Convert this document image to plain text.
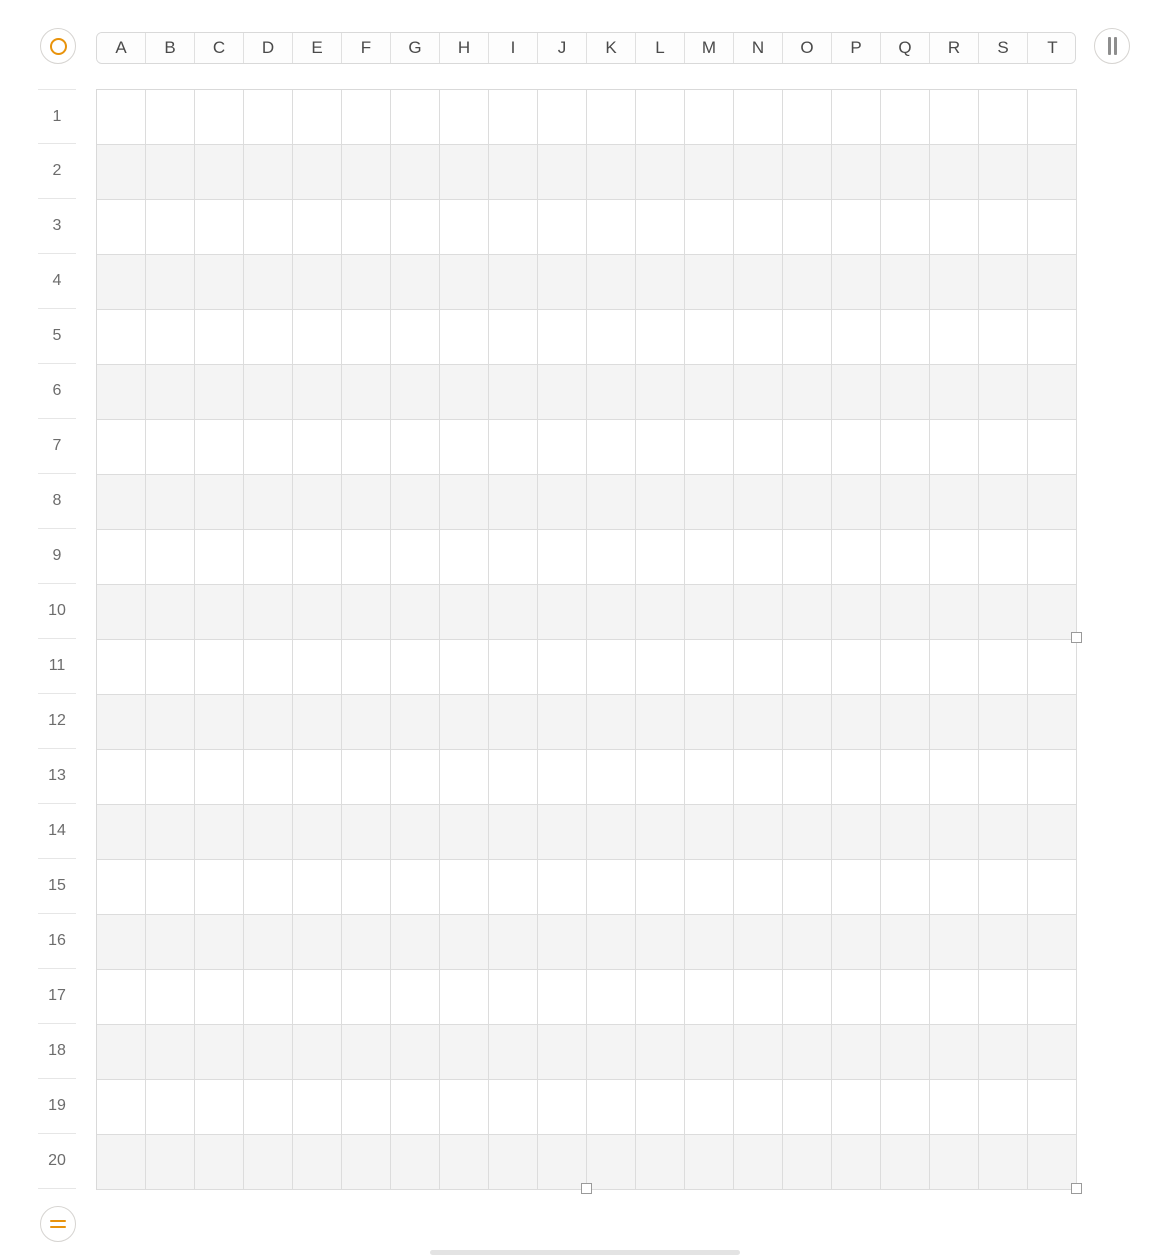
A	B	C	D	E	F	G	H	I	J	K	L	M	N	O	P	Q	R	S	T
1
2
3
4
5
6
7
8
9
10
11
12
13
14
15
16
17
18
19
20
